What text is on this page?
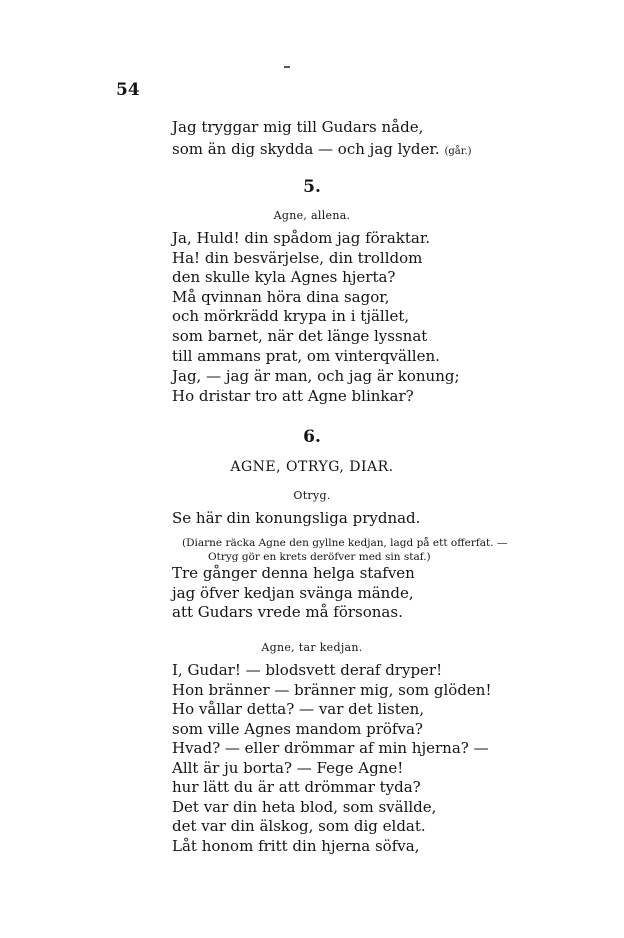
54
Jag tryggar mig till Gudars nåde,
som än dig skydda — och jag lyder. (går.)
5.
Agne, allena.
Ja, Huld! din spådom jag föraktar.
Ha! din besvärjelse, din trolldom
den skulle kyla Agnes hjerta?
Må qvinnan höra dina sagor,
och mörkrädd krypa in i tjället,
som barnet, när det länge lyssnat
till ammans prat, om vinterqvällen.
Jag, — jag är man, och jag är konung;
Ho dristar tro att Agne blinkar?
6.
AGNE, OTRYG, DIAR.
Otryg.
Se här din konungsliga prydnad.
(Diarne räcka Agne den gyllne kedjan, lagd på ett offerfat. —
Otryg gör en krets deröfver med sin staf.)
Tre gånger denna helga stafven
jag öfver kedjan svänga mände,
att Gudars vrede må försonas.
Agne, tar kedjan.
I, Gudar! — blodsvett deraf dryper!
Hon bränner — bränner mig, som glöden!
Ho vållar detta? — var det listen,
som ville Agnes mandom pröfva?
Hvad? — eller drömmar af min hjerna? —
Allt är ju borta? — Fege Agne!
hur lätt du är att drömmar tyda?
Det var din heta blod, som svällde,
det var din älskog, som dig eldat.
Låt honom fritt din hjerna söfva,
